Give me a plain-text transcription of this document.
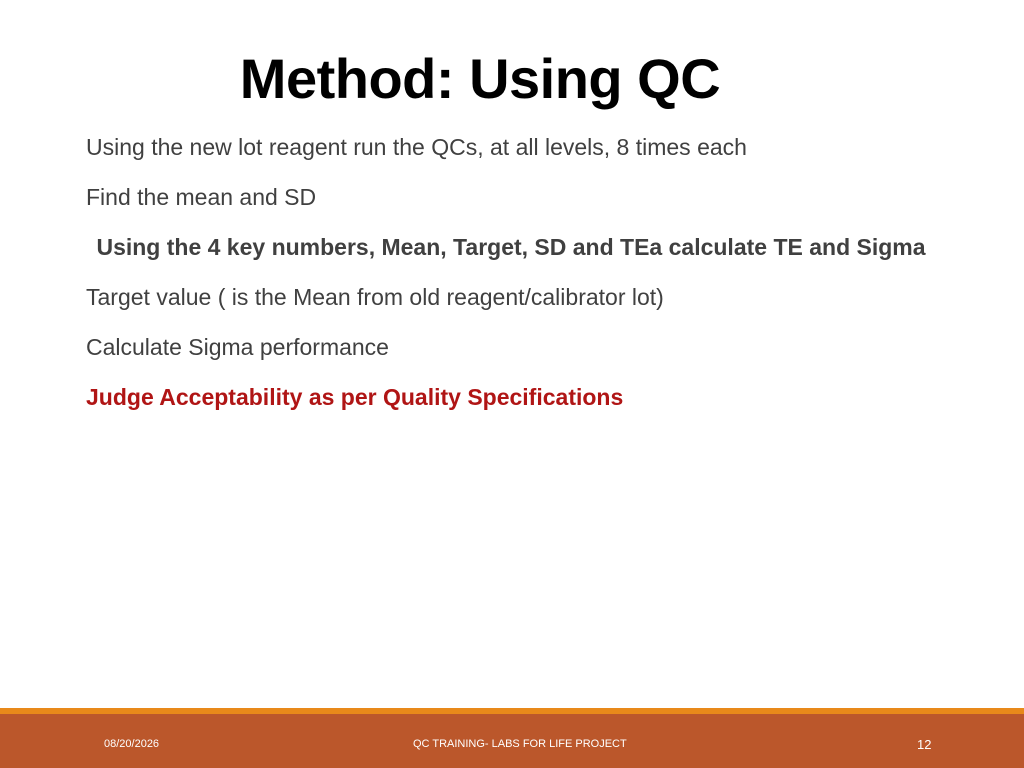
Method: Using QC

Using the new lot reagent run the QCs, at all levels, 8 times each

Find the mean and SD

Using the 4 key numbers, Mean, Target, SD and TEa calculate TE and Sigma

Target value ( is the Mean from old reagent/calibrator lot)

Calculate Sigma performance

Judge Acceptability as per Quality Specifications

08/20/2026	QC TRAINING- LABS FOR LIFE PROJECT	12
